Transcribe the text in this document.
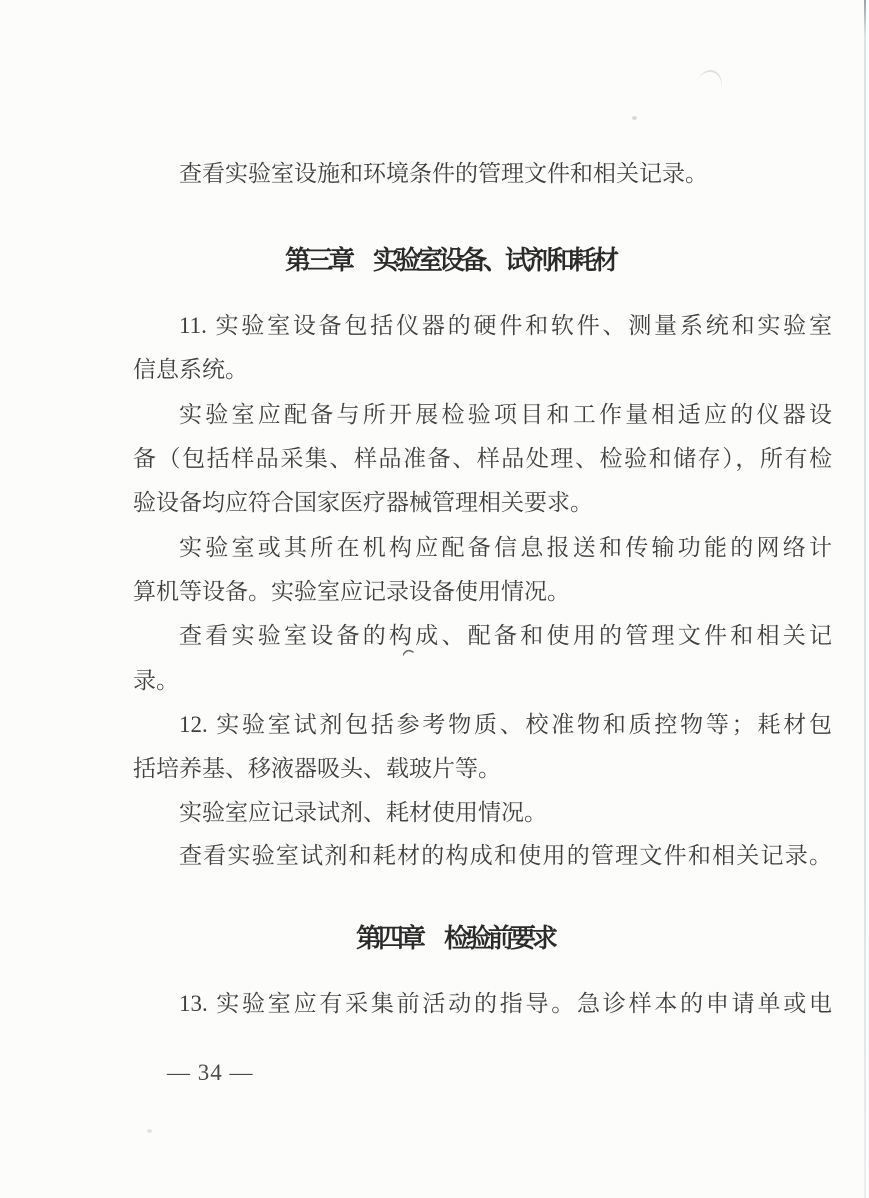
查看实验室设施和环境条件的管理文件和相关记录。
第三章　实验室设备、试剂和耗材
11. 实验室设备包括仪器的硬件和软件、测量系统和实验室
信息系统。
实验室应配备与所开展检验项目和工作量相适应的仪器设
备（包括样品采集、样品准备、样品处理、检验和储存），所有检
验设备均应符合国家医疗器械管理相关要求。
实验室或其所在机构应配备信息报送和传输功能的网络计
算机等设备。实验室应记录设备使用情况。
查看实验室设备的构成、配备和使用的管理文件和相关记
录。
12. 实验室试剂包括参考物质、校准物和质控物等；耗材包
括培养基、移液器吸头、载玻片等。
实验室应记录试剂、耗材使用情况。
查看实验室试剂和耗材的构成和使用的管理文件和相关记录。
第四章　检验前要求
13. 实验室应有采集前活动的指导。急诊样本的申请单或电
— 34 —
